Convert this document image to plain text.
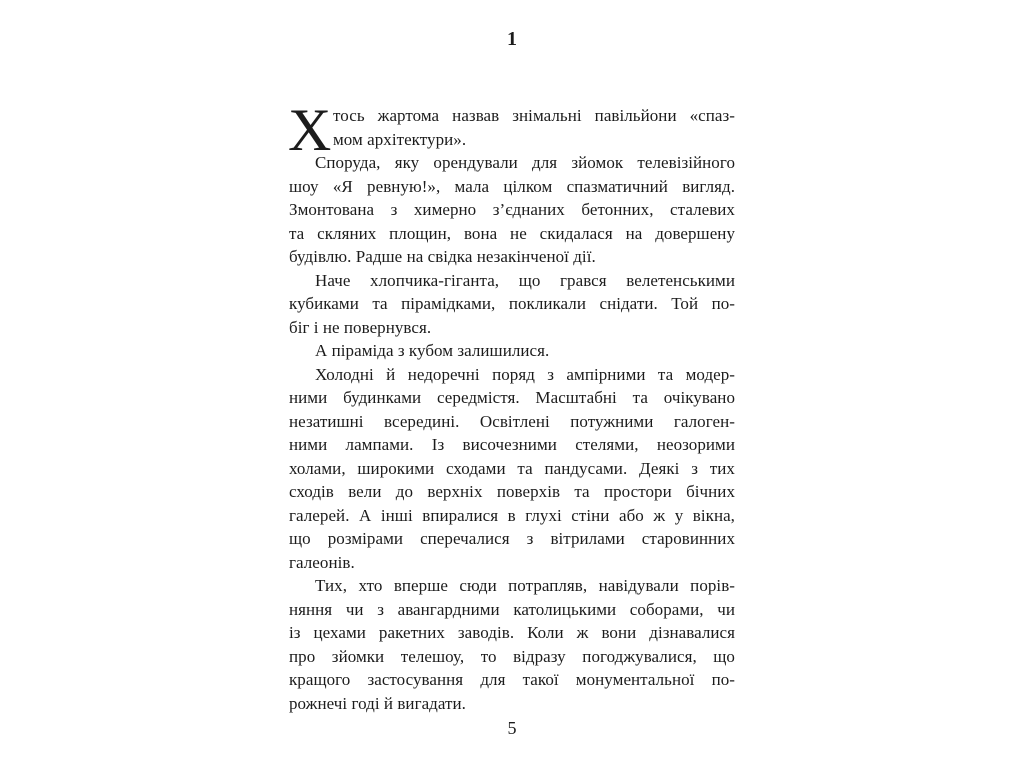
1
Х тось жартома назвав знімальні павільйони «спаз-
мом архітектури».
Споруда, яку орендували для зйомок телевізійного
шоу «Я ревную!», мала цілком спазматичний вигляд.
Змонтована з химерно з’єднаних бетонних, сталевих
та скляних площин, вона не скидалася на довершену
будівлю. Радше на свідка незакінченої дії.
Наче хлопчика-гіганта, що грався велетенськими
кубиками та пірамідками, покликали снідати. Той по-
біг і не повернувся.
А піраміда з кубом залишилися.
Холодні й недоречні поряд з ампірними та модер-
ними будинками середмістя. Масштабні та очікувано
незатишні всередині. Освітлені потужними галоген-
ними лампами. Із височезними стелями, неозорими
холами, широкими сходами та пандусами. Деякі з тих
сходів вели до верхніх поверхів та простори бічних
галерей. А інші впиралися в глухі стіни або ж у вікна,
що розмірами сперечалися з вітрилами старовинних
галеонів.
Тих, хто вперше сюди потрапляв, навідували порів-
няння чи з авангардними католицькими соборами, чи
із цехами ракетних заводів. Коли ж вони дізнавалися
про зйомки телешоу, то відразу погоджувалися, що
кращого застосування для такої монументальної по-
рожнечі годі й вигадати.
5
